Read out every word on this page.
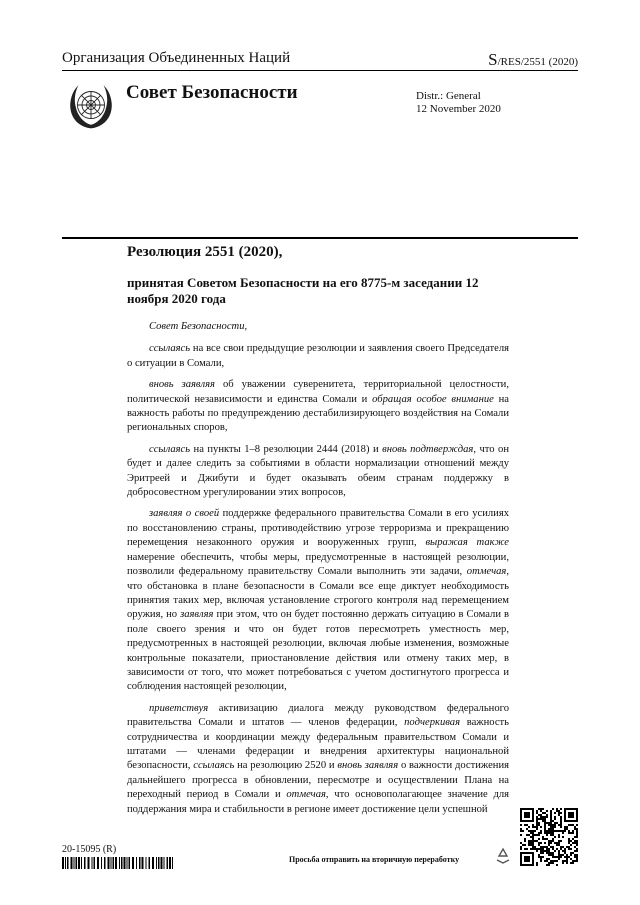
Организация Объединенных Наций	S/RES/2551 (2020)
Совет Безопасности	Distr.: General
12 November 2020
Резолюция 2551 (2020),
принятая Советом Безопасности на его 8775-м заседании 12 ноября 2020 года

Совет Безопасности,

ссылаясь на все свои предыдущие резолюции и заявления своего Председателя о ситуации в Сомали,

вновь заявляя об уважении суверенитета, территориальной целостности, политической независимости и единства Сомали и обращая особое внимание на важность работы по предупреждению дестабилизирующего воздействия на Сомали региональных споров,

ссылаясь на пункты 1–8 резолюции 2444 (2018) и вновь подтверждая, что он будет и далее следить за событиями в области нормализации отношений между Эритреей и Джибути и будет оказывать обеим странам поддержку в добросовестном урегулировании этих вопросов,

заявляя о своей поддержке федерального правительства Сомали в его усилиях по восстановлению страны, противодействию угрозе терроризма и прекращению перемещения незаконного оружия и вооруженных групп, выражая также намерение обеспечить, чтобы меры, предусмотренные в настоящей резолюции, позволили федеральному правительству Сомали выполнить эти задачи, отмечая, что обстановка в плане безопасности в Сомали все еще диктует необходимость принятия таких мер, включая установление строгого контроля над перемещением оружия, но заявляя при этом, что он будет постоянно держать ситуацию в Сомали в поле своего зрения и что он будет готов пересмотреть уместность мер, предусмотренных в настоящей резолюции, включая любые изменения, возможные контрольные показатели, приостановление действия или отмену таких мер, в зависимости от того, что может потребоваться с учетом достигнутого прогресса и соблюдения настоящей резолюции,

приветствуя активизацию диалога между руководством федерального правительства Сомали и штатов — членов федерации, подчеркивая важность сотрудничества и координации между федеральным правительством Сомали и штатами — членами федерации и внедрения архитектуры национальной безопасности, ссылаясь на резолюцию 2520 и вновь заявляя о важности достижения дальнейшего прогресса в обновлении, пересмотре и осуществлении Плана на переходный период в Сомали и отмечая, что основополагающее значение для поддержания мира и стабильности в регионе имеет достижение цели успешной

20-15095 (R)
Просьба отправить на вторичную переработку
